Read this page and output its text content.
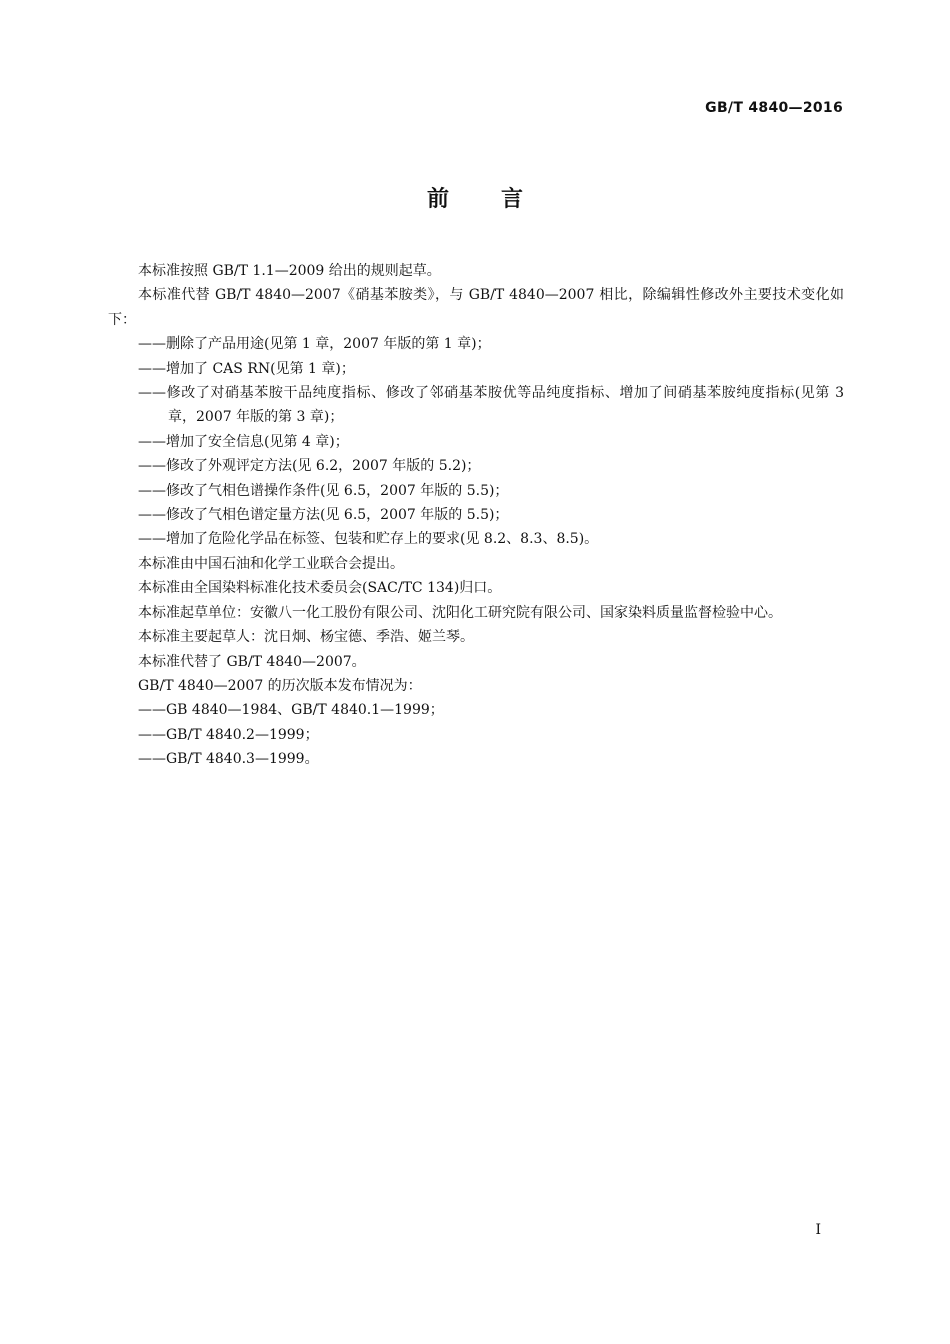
GB/T 4840—2016
前言

本标准按照 GB/T 1.1—2009 给出的规则起草。

本标准代替 GB/T 4840—2007《硝基苯胺类》，与 GB/T 4840—2007 相比，除编辑性修改外主要技术变化如下：

——删除了产品用途(见第 1 章，2007 年版的第 1 章)；

——增加了 CAS RN(见第 1 章)；

——修改了对硝基苯胺干品纯度指标、修改了邻硝基苯胺优等品纯度指标、增加了间硝基苯胺纯度指标(见第 3 章，2007 年版的第 3 章)；

——增加了安全信息(见第 4 章)；

——修改了外观评定方法(见 6.2，2007 年版的 5.2)；

——修改了气相色谱操作条件(见 6.5，2007 年版的 5.5)；

——修改了气相色谱定量方法(见 6.5，2007 年版的 5.5)；

——增加了危险化学品在标签、包装和贮存上的要求(见 8.2、8.3、8.5)。

本标准由中国石油和化学工业联合会提出。

本标准由全国染料标准化技术委员会(SAC/TC 134)归口。

本标准起草单位：安徽八一化工股份有限公司、沈阳化工研究院有限公司、国家染料质量监督检验中心。

本标准主要起草人：沈日炯、杨宝德、季浩、姬兰琴。

本标准代替了 GB/T 4840—2007。

GB/T 4840—2007 的历次版本发布情况为：

——GB 4840—1984、GB/T 4840.1—1999；

——GB/T 4840.2—1999；

——GB/T 4840.3—1999。

I
